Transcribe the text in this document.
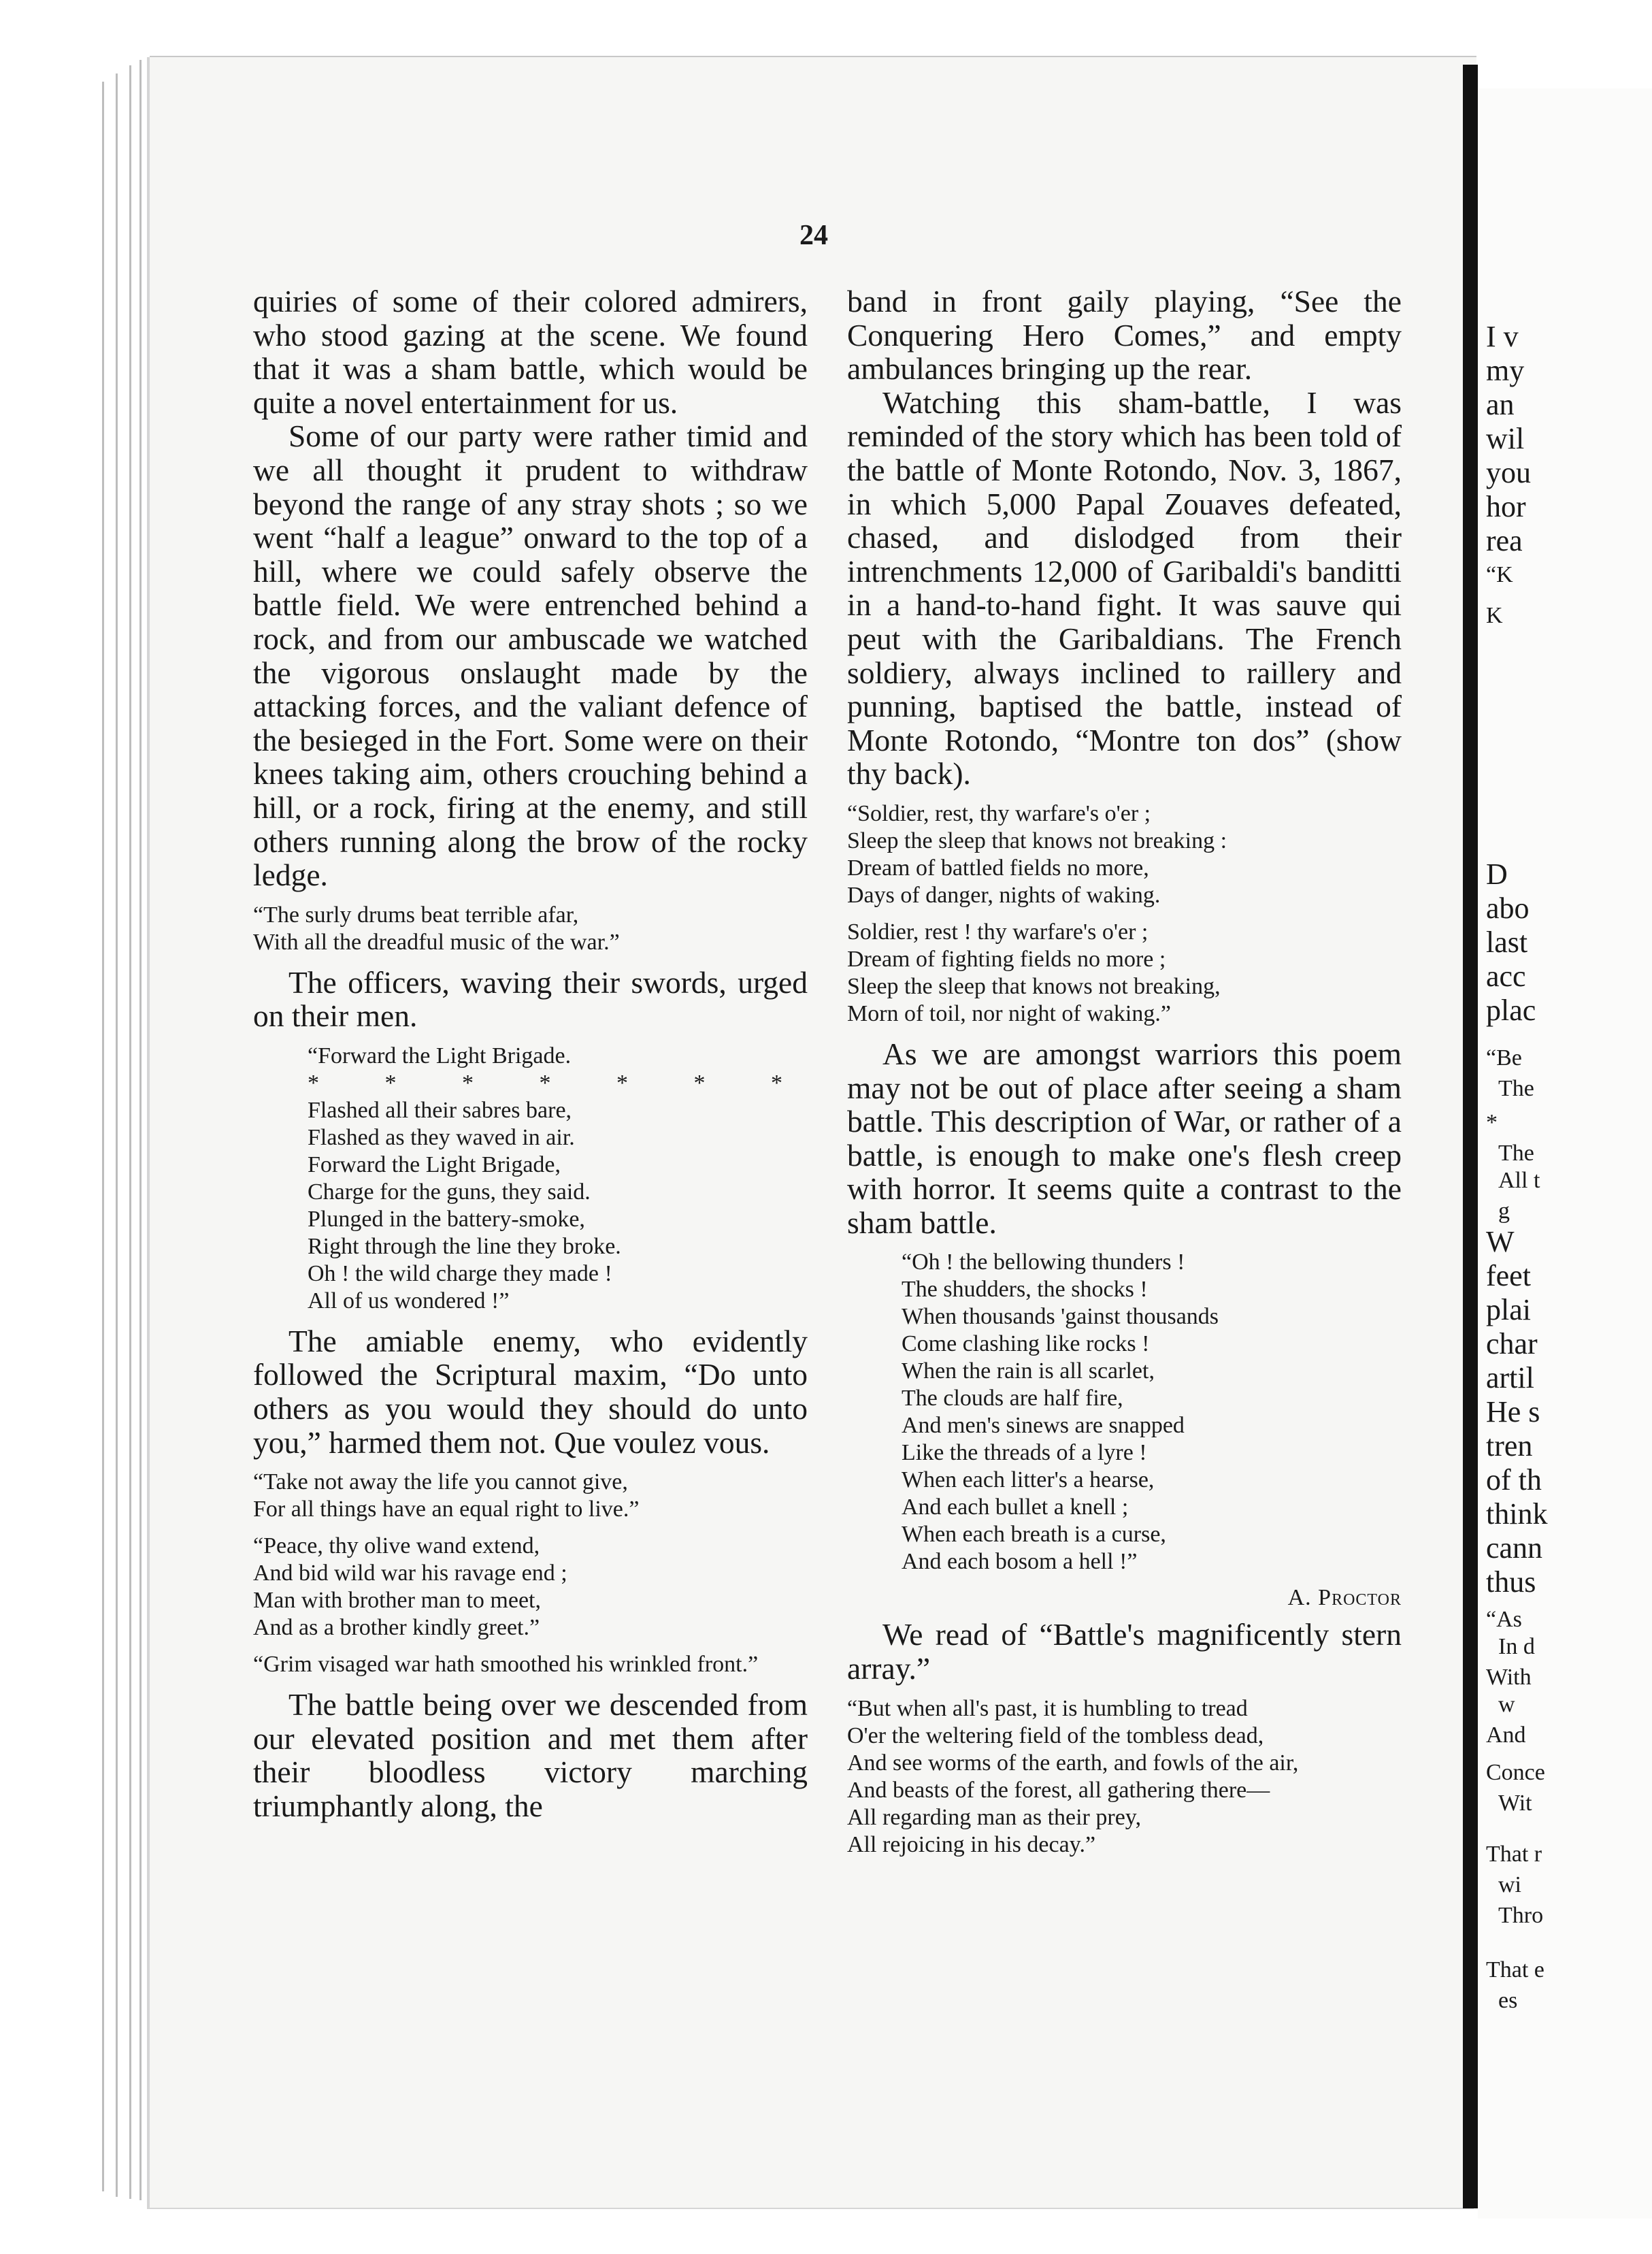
I v
my
an
wil
you
hor
rea
“K
K
D
abo
last
acc
plac
“Be
The
*
The
All t
g
W
feet
plai
char
artil
He s
tren
of th
think
cann
thus
“As
In d
With
w
And
Conce
Wit
That r
wi
Thro
That e
es
24

quiries of some of their colored admirers, who stood gazing at the scene. We found that it was a sham battle, which would be quite a novel entertainment for us.

Some of our party were rather timid and we all thought it prudent to withdraw beyond the range of any stray shots ; so we went “half a league” onward to the top of a hill, where we could safely observe the battle field. We were entrenched behind a rock, and from our ambuscade we watched the vigorous onslaught made by the attacking forces, and the valiant defence of the besieged in the Fort. Some were on their knees taking aim, others crouching behind a hill, or a rock, firing at the enemy, and still others running along the brow of the rocky ledge.

“The surly drums beat terrible afar,
With all the dreadful music of the war.”

The officers, waving their swords, urged on their men.

“Forward the Light Brigade.
* * * * * * *
Flashed all their sabres bare,
Flashed as they waved in air.
Forward the Light Brigade,
Charge for the guns, they said.
Plunged in the battery-smoke,
Right through the line they broke.
Oh ! the wild charge they made !
All of us wondered !”

The amiable enemy, who evidently followed the Scriptural maxim, “Do unto others as you would they should do unto you,” harmed them not. Que voulez vous.

“Take not away the life you cannot give,
For all things have an equal right to live.”
“Peace, thy olive wand extend,
And bid wild war his ravage end ;
Man with brother man to meet,
And as a brother kindly greet.”
“Grim visaged war hath smoothed his wrinkled front.”

The battle being over we descended from our elevated position and met them after their bloodless victory marching triumphantly along, the

band in front gaily playing, “See the Conquering Hero Comes,” and empty ambulances bringing up the rear.

Watching this sham-battle, I was reminded of the story which has been told of the battle of Monte Rotondo, Nov. 3, 1867, in which 5,000 Papal Zouaves defeated, chased, and dislodged from their intrenchments 12,000 of Garibaldi's banditti in a hand-to-hand fight. It was sauve qui peut with the Garibaldians. The French soldiery, always inclined to raillery and punning, baptised the battle, instead of Monte Rotondo, “Montre ton dos” (show thy back).

“Soldier, rest, thy warfare's o'er ;
Sleep the sleep that knows not breaking :
Dream of battled fields no more,
Days of danger, nights of waking.
Soldier, rest ! thy warfare's o'er ;
Dream of fighting fields no more ;
Sleep the sleep that knows not breaking,
Morn of toil, nor night of waking.”

As we are amongst warriors this poem may not be out of place after seeing a sham battle. This description of War, or rather of a battle, is enough to make one's flesh creep with horror. It seems quite a contrast to the sham battle.

“Oh ! the bellowing thunders !
The shudders, the shocks !
When thousands 'gainst thousands
Come clashing like rocks !
When the rain is all scarlet,
The clouds are half fire,
And men's sinews are snapped
Like the threads of a lyre !
When each litter's a hearse,
And each bullet a knell ;
When each breath is a curse,
And each bosom a hell !”
A. Proctor

We read of “Battle's magnificently stern array.”

“But when all's past, it is humbling to tread
O'er the weltering field of the tombless dead,
And see worms of the earth, and fowls of the air,
And beasts of the forest, all gathering there—
All regarding man as their prey,
All rejoicing in his decay.”
